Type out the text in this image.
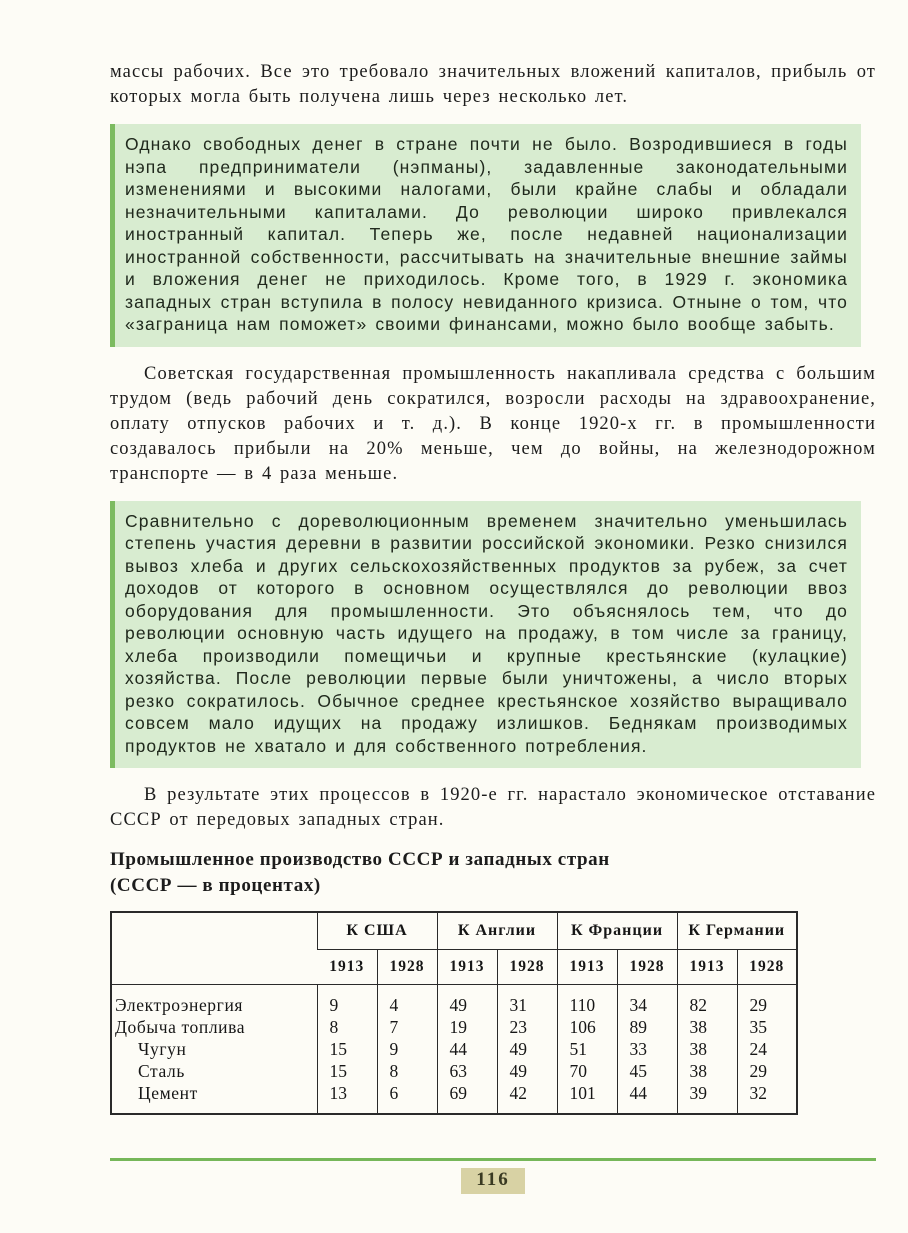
массы рабочих. Все это требовало значительных вложений капиталов, прибыль от которых могла быть получена лишь через несколько лет.

Однако свободных денег в стране почти не было. Возродившиеся в годы нэпа предприниматели (нэпманы), задавленные законодательными изменениями и высокими налогами, были крайне слабы и обладали незначительными капиталами. До революции широко привлекался иностранный капитал. Теперь же, после недавней национализации иностранной собственности, рассчитывать на значительные внешние займы и вложения денег не приходилось. Кроме того, в 1929 г. экономика западных стран вступила в полосу невиданного кризиса. Отныне о том, что «заграница нам поможет» своими финансами, можно было вообще забыть.

Советская государственная промышленность накапливала средства с большим трудом (ведь рабочий день сократился, возросли расходы на здравоохранение, оплату отпусков рабочих и т. д.). В конце 1920-х гг. в промышленности создавалось прибыли на 20% меньше, чем до войны, на железнодорожном транспорте — в 4 раза меньше.

Сравнительно с дореволюционным временем значительно уменьшилась степень участия деревни в развитии российской экономики. Резко снизился вывоз хлеба и других сельскохозяйственных продуктов за рубеж, за счет доходов от которого в основном осуществлялся до революции ввоз оборудования для промышленности. Это объяснялось тем, что до революции основную часть идущего на продажу, в том числе за границу, хлеба производили помещичьи и крупные крестьянские (кулацкие) хозяйства. После революции первые были уничтожены, а число вторых резко сократилось. Обычное среднее крестьянское хозяйство выращивало совсем мало идущих на продажу излишков. Беднякам производимых продуктов не хватало и для собственного потребления.

В результате этих процессов в 1920-е гг. нарастало экономическое отставание СССР от передовых западных стран.

Промышленное производство СССР и западных стран
(СССР — в процентах)
	К США		К Англии		К Франции		К Германии	
	1913	1928	1913	1928	1913	1928	1913	1928
Электроэнергия	9	4	49	31	110	34	82	29
Добыча топлива	8	7	19	23	106	89	38	35
Чугун	15	9	44	49	51	33	38	24
Сталь	15	8	63	49	70	45	38	29
Цемент	13	6	69	42	101	44	39	32
116
